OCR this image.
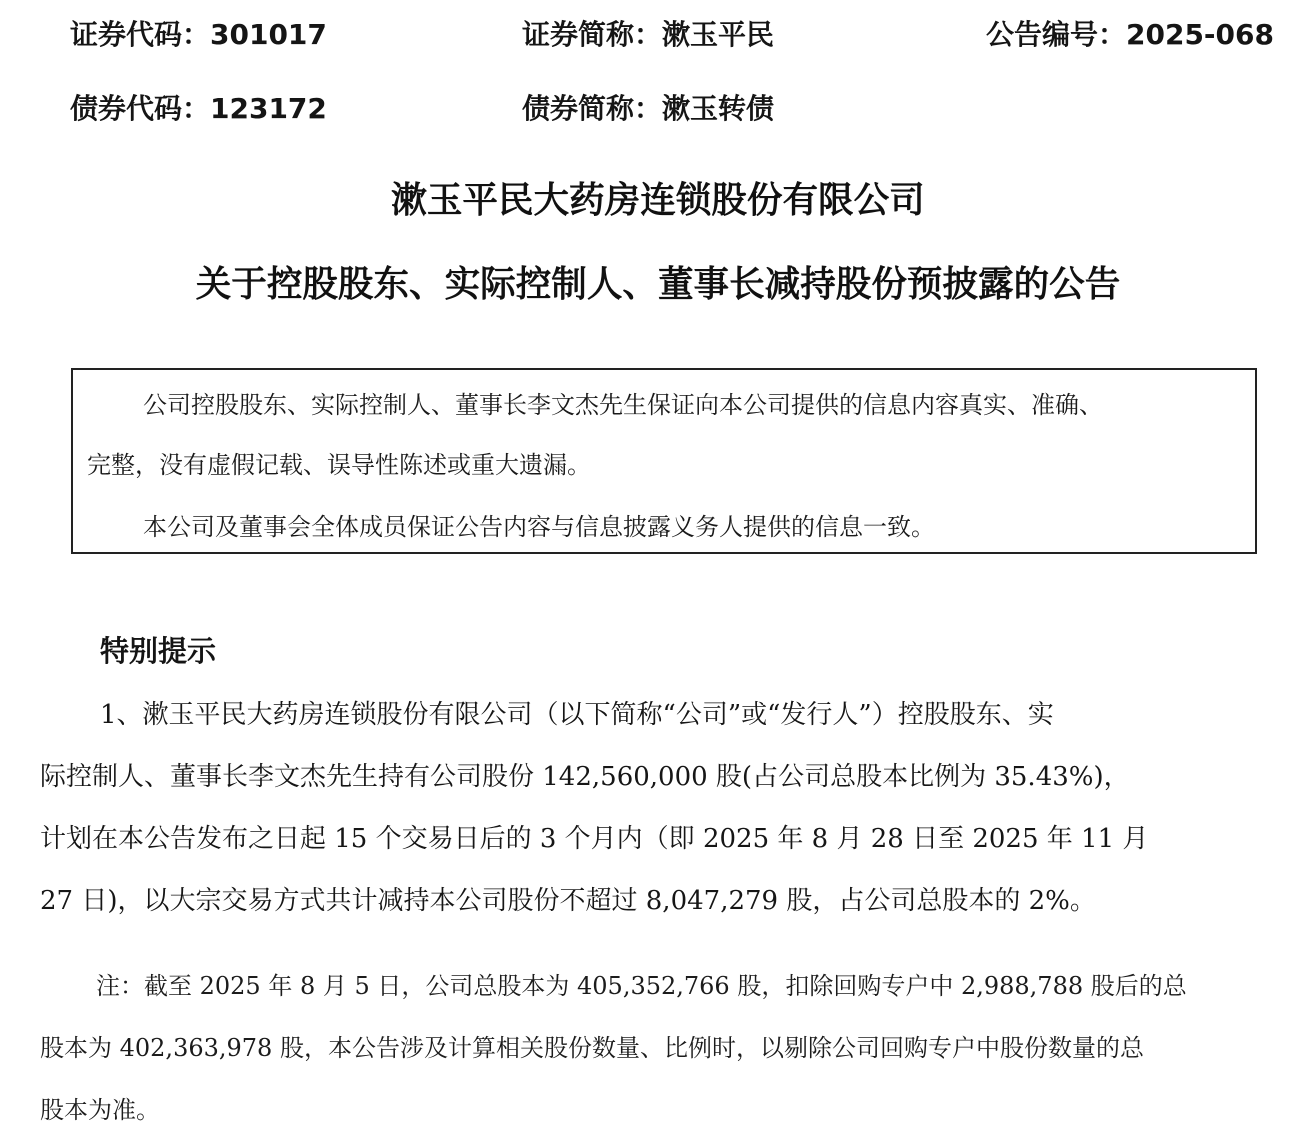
证券代码：301017	证券简称：漱玉平民	公告编号：2025-068
债券代码：123172	债券简称：漱玉转债
漱玉平民大药房连锁股份有限公司
关于控股股东、实际控制人、董事长减持股份预披露的公告

公司控股股东、实际控制人、董事长李文杰先生保证向本公司提供的信息内容真实、准确、

完整，没有虚假记载、误导性陈述或重大遗漏。

本公司及董事会全体成员保证公告内容与信息披露义务人提供的信息一致。

特别提示
1、漱玉平民大药房连锁股份有限公司（以下简称“公司”或“发行人”）控股股东、实
际控制人、董事长李文杰先生持有公司股份 142,560,000 股(占公司总股本比例为 35.43%)，
计划在本公告发布之日起 15 个交易日后的 3 个月内（即 2025 年 8 月 28 日至 2025 年 11 月
27 日)，以大宗交易方式共计减持本公司股份不超过 8,047,279 股，占公司总股本的 2%。
注：截至 2025 年 8 月 5 日，公司总股本为 405,352,766 股，扣除回购专户中 2,988,788 股后的总
股本为 402,363,978 股，本公告涉及计算相关股份数量、比例时，以剔除公司回购专户中股份数量的总
股本为准。
